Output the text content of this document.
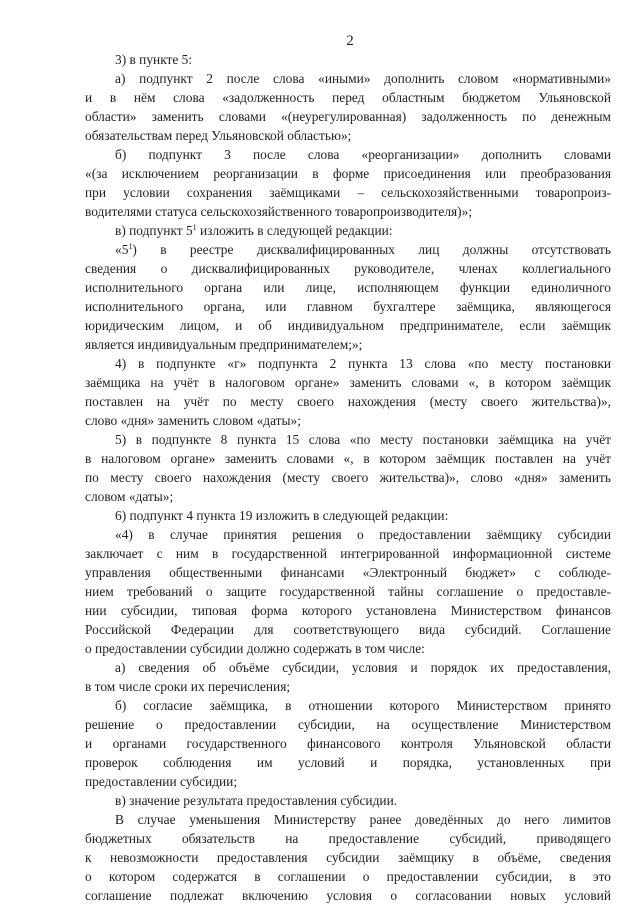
2
3) в пункте 5:
а) подпункт 2 после слова «иными» дополнить словом «нормативными»
и в нём слова «задолженность перед областным бюджетом Ульяновской
области» заменить словами «(неурегулированная) задолженность по денежным
обязательствам перед Ульяновской областью»;
б) подпункт 3 после слова «реорганизации» дополнить словами
«(за исключением реорганизации в форме присоединения или преобразования
при условии сохранения заёмщиками – сельскохозяйственными товаропроиз-
водителями статуса сельскохозяйственного товаропроизводителя)»;
в) подпункт $5^1$ изложить в следующей редакции:
«$5^1$) в реестре дисквалифицированных лиц должны отсутствовать
сведения о дисквалифицированных руководителе, членах коллегиального
исполнительного органа или лице, исполняющем функции единоличного
исполнительного органа, или главном бухгалтере заёмщика, являющегося
юридическим лицом, и об индивидуальном предпринимателе, если заёмщик
является индивидуальным предпринимателем;»;
4) в подпункте «г» подпункта 2 пункта 13 слова «по месту постановки
заёмщика на учёт в налоговом органе» заменить словами «, в котором заёмщик
поставлен на учёт по месту своего нахождения (месту своего жительства)»,
слово «дня» заменить словом «даты»;
5) в подпункте 8 пункта 15 слова «по месту постановки заёмщика на учёт
в налоговом органе» заменить словами «, в котором заёмщик поставлен на учёт
по месту своего нахождения (месту своего жительства)», слово «дня» заменить
словом «даты»;
6) подпункт 4 пункта 19 изложить в следующей редакции:
«4) в случае принятия решения о предоставлении заёмщику субсидии
заключает с ним в государственной интегрированной информационной системе
управления общественными финансами «Электронный бюджет» с соблюде-
нием требований о защите государственной тайны соглашение о предоставле-
нии субсидии, типовая форма которого установлена Министерством финансов
Российской Федерации для соответствующего вида субсидий. Соглашение
о предоставлении субсидии должно содержать в том числе:
а) сведения об объёме субсидии, условия и порядок их предоставления,
в том числе сроки их перечисления;
б) согласие заёмщика, в отношении которого Министерством принято
решение о предоставлении субсидии, на осуществление Министерством
и органами государственного финансового контроля Ульяновской области
проверок соблюдения им условий и порядка, установленных при
предоставлении субсидии;
в) значение результата предоставления субсидии.
В случае уменьшения Министерству ранее доведённых до него лимитов
бюджетных обязательств на предоставление субсидий, приводящего
к невозможности предоставления субсидии заёмщику в объёме, сведения
о котором содержатся в соглашении о предоставлении субсидии, в это
соглашение подлежат включению условия о согласовании новых условий
